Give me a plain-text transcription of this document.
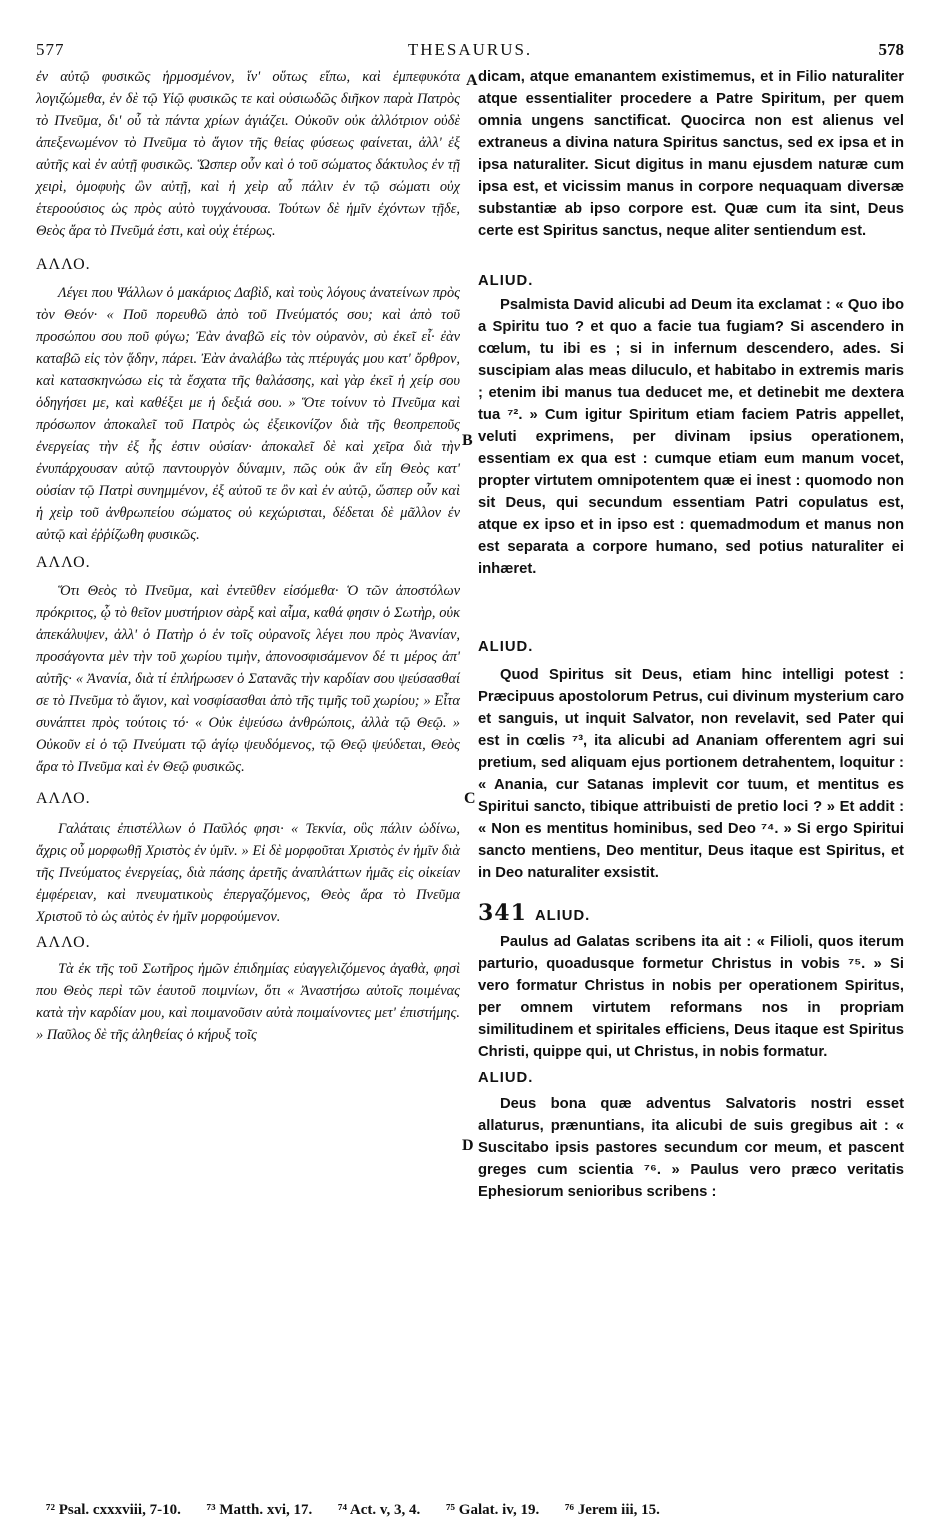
577	THESAURUS.	578
A
B
C
D

ἐν αὐτῷ φυσικῶς ἡρμοσμένον, ἵν' οὕτως εἴπω, καὶ ἐμπεφυκότα λογιζώμεθα, ἐν δὲ τῷ Υἱῷ φυσικῶς τε καὶ οὐσιωδῶς διῆκον παρὰ Πατρὸς τὸ Πνεῦμα, δι' οὗ τὰ πάντα χρίων ἁγιάζει. Οὐκοῦν οὐκ ἀλλότριον οὐδὲ ἀπεξενωμένον τὸ Πνεῦμα τὸ ἅγιον τῆς θείας φύσεως φαίνεται, ἀλλ' ἐξ αὐτῆς καὶ ἐν αὐτῇ φυσικῶς. Ὥσπερ οὖν καὶ ὁ τοῦ σώματος δάκτυλος ἐν τῇ χειρὶ, ὁμοφυὴς ὢν αὐτῇ, καὶ ἡ χεὶρ αὖ πάλιν ἐν τῷ σώματι οὐχ ἑτεροούσιος ὡς πρὸς αὐτὸ τυγχάνουσα. Τούτων δὲ ἡμῖν ἐχόντων τῇδε, Θεὸς ἄρα τὸ Πνεῦμά ἐστι, καὶ οὐχ ἑτέρως.

ΑΛΛΟ.

Λέγει που Ψάλλων ὁ μακάριος Δαβὶδ, καὶ τοὺς λόγους ἀνατείνων πρὸς τὸν Θεόν· « Ποῦ πορευθῶ ἀπὸ τοῦ Πνεύματός σου; καὶ ἀπὸ τοῦ προσώπου σου ποῦ φύγω; Ἐὰν ἀναβῶ εἰς τὸν οὐρανὸν, σὺ ἐκεῖ εἶ· ἐὰν καταβῶ εἰς τὸν ᾅδην, πάρει. Ἐὰν ἀναλάβω τὰς πτέρυγάς μου κατ' ὄρθρον, καὶ κατασκηνώσω εἰς τὰ ἔσχατα τῆς θαλάσσης, καὶ γὰρ ἐκεῖ ἡ χείρ σου ὁδηγήσει με, καὶ καθέξει με ἡ δεξιά σου. » Ὅτε τοίνυν τὸ Πνεῦμα καὶ πρόσωπον ἀποκαλεῖ τοῦ Πατρὸς ὡς ἐξεικονίζον διὰ τῆς θεοπρεποῦς ἐνεργείας τὴν ἐξ ἧς ἐστιν οὐσίαν· ἀποκαλεῖ δὲ καὶ χεῖρα διὰ τὴν ἐνυπάρχουσαν αὐτῷ παντουργὸν δύναμιν, πῶς οὐκ ἂν εἴη Θεὸς κατ' οὐσίαν τῷ Πατρὶ συνημμένον, ἐξ αὐτοῦ τε ὂν καὶ ἐν αὐτῷ, ὥσπερ οὖν καὶ ἡ χεὶρ τοῦ ἀνθρωπείου σώματος οὐ κεχώρισται, δέδεται δὲ μᾶλλον ἐν αὐτῷ καὶ ἐῤῥίζωθη φυσικῶς.

ΑΛΛΟ.

Ὅτι Θεὸς τὸ Πνεῦμα, καὶ ἐντεῦθεν εἰσόμεθα· Ὁ τῶν ἀποστόλων πρόκριτος, ᾧ τὸ θεῖον μυστήριον σὰρξ καὶ αἷμα, καθά φησιν ὁ Σωτὴρ, οὐκ ἀπεκάλυψεν, ἀλλ' ὁ Πατὴρ ὁ ἐν τοῖς οὐρανοῖς λέγει που πρὸς Ἀνανίαν, προσάγοντα μὲν τὴν τοῦ χωρίου τιμὴν, ἀπονοσφισάμενον δέ τι μέρος ἀπ' αὐτῆς· « Ἀνανία, διὰ τί ἐπλήρωσεν ὁ Σατανᾶς τὴν καρδίαν σου ψεύσασθαί σε τὸ Πνεῦμα τὸ ἅγιον, καὶ νοσφίσασθαι ἀπὸ τῆς τιμῆς τοῦ χωρίου; » Εἶτα συνάπτει πρὸς τούτοις τό· « Οὐκ ἐψεύσω ἀνθρώποις, ἀλλὰ τῷ Θεῷ. » Οὐκοῦν εἰ ὁ τῷ Πνεύματι τῷ ἁγίῳ ψευδόμενος, τῷ Θεῷ ψεύδεται, Θεὸς ἄρα τὸ Πνεῦμα καὶ ἐν Θεῷ φυσικῶς.

ΑΛΛΟ.

Γαλάταις ἐπιστέλλων ὁ Παῦλός φησι· « Τεκνία, οὓς πάλιν ὠδίνω, ἄχρις οὗ μορφωθῇ Χριστὸς ἐν ὑμῖν. » Εἰ δὲ μορφοῦται Χριστὸς ἐν ἡμῖν διὰ τῆς Πνεύματος ἐνεργείας, διὰ πάσης ἀρετῆς ἀναπλάττων ἡμᾶς εἰς οἰκείαν ἐμφέρειαν, καὶ πνευματικοὺς ἐπεργαζόμενος, Θεὸς ἄρα τὸ Πνεῦμα Χριστοῦ τὸ ὡς αὐτὸς ἐν ἡμῖν μορφούμενον.

ΑΛΛΟ.

Τὰ ἐκ τῆς τοῦ Σωτῆρος ἡμῶν ἐπιδημίας εὐαγγελιζόμενος ἀγαθὰ, φησὶ που Θεὸς περὶ τῶν ἑαυτοῦ ποιμνίων, ὅτι « Ἀναστήσω αὐτοῖς ποιμένας κατὰ τὴν καρδίαν μου, καὶ ποιμανοῦσιν αὐτὰ ποιμαίνοντες μετ' ἐπιστήμης. » Παῦλος δὲ τῆς ἀληθείας ὁ κήρυξ τοῖς

dicam, atque emanantem existimemus, et in Filio naturaliter atque essentialiter procedere a Patre Spiritum, per quem omnia ungens sanctificat. Quocirca non est alienus vel extraneus a divina natura Spiritus sanctus, sed ex ipsa et in ipsa naturaliter. Sicut digitus in manu ejusdem naturæ cum ipsa est, et vicissim manus in corpore nequaquam diversæ substantiæ ab ipso corpore est. Quæ cum ita sint, Deus certe est Spiritus sanctus, neque aliter sentiendum est.

ALIUD.

Psalmista David alicubi ad Deum ita exclamat : « Quo ibo a Spiritu tuo ? et quo a facie tua fugiam? Si ascendero in cœlum, tu ibi es ; si in infernum descendero, ades. Si suscipiam alas meas diluculo, et habitabo in extremis maris ; etenim ibi manus tua deducet me, et detinebit me dextera tua ⁷². » Cum igitur Spiritum etiam faciem Patris appellet, veluti exprimens, per divinam ipsius operationem, essentiam ex qua est : cumque etiam eum manum vocet, propter virtutem omnipotentem quæ ei inest : quomodo non sit Deus, qui secundum essentiam Patri copulatus est, atque ex ipso et in ipso est : quemadmodum et manus non est separata a corpore humano, sed potius naturaliter ei inhæret.

ALIUD.

Quod Spiritus sit Deus, etiam hinc intelligi potest : Præcipuus apostolorum Petrus, cui divinum mysterium caro et sanguis, ut inquit Salvator, non revelavit, sed Pater qui est in cœlis ⁷³, ita alicubi ad Ananiam offerentem agri sui pretium, sed aliquam ejus portionem detrahentem, loquitur : « Anania, cur Satanas implevit cor tuum, et mentitus es Spiritui sancto, tibique attribuisti de pretio loci ? » Et addit : « Non es mentitus hominibus, sed Deo ⁷⁴. » Si ergo Spiritui sancto mentiens, Deo mentitur, Deus itaque est Spiritus, et in Deo naturaliter exsistit.

341 ALIUD.

Paulus ad Galatas scribens ita ait : « Filioli, quos iterum parturio, quoadusque formetur Christus in vobis ⁷⁵. » Si vero formatur Christus in nobis per operationem Spiritus, per omnem virtutem reformans nos in propriam similitudinem et spiritales efficiens, Deus itaque est Spiritus Christi, quippe qui, ut Christus, in nobis formatur.

ALIUD.

Deus bona quæ adventus Salvatoris nostri esset allaturus, prænuntians, ita alicubi de suis gregibus ait : « Suscitabo ipsis pastores secundum cor meum, et pascent greges cum scientia ⁷⁶. » Paulus vero præco veritatis Ephesiorum senioribus scribens :

⁷² Psal. cxxxviii, 7-10. ⁷³ Matth. xvi, 17. ⁷⁴ Act. v, 3, 4. ⁷⁵ Galat. iv, 19. ⁷⁶ Jerem iii, 15.
